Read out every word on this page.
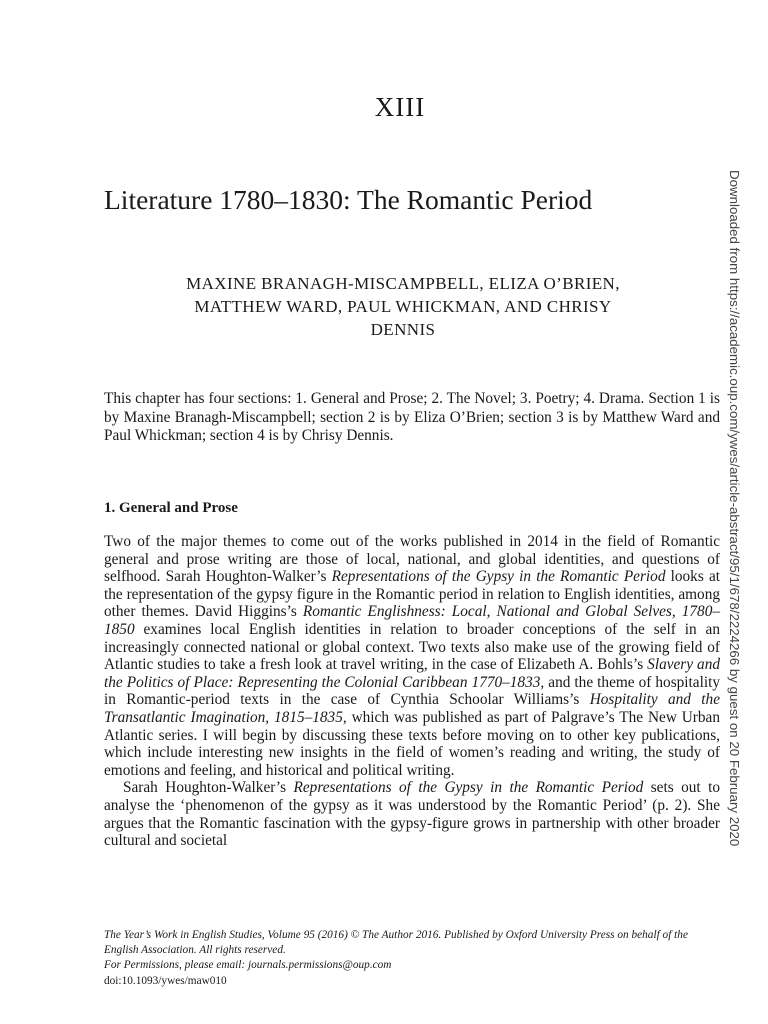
XIII
Literature 1780–1830: The Romantic Period
MAXINE BRANAGH-MISCAMPBELL, ELIZA O’BRIEN,
MATTHEW WARD, PAUL WHICKMAN, AND CHRISY
DENNIS
This chapter has four sections: 1. General and Prose; 2. The Novel; 3. Poetry; 4. Drama. Section 1 is by Maxine Branagh-Miscampbell; section 2 is by Eliza O’Brien; section 3 is by Matthew Ward and Paul Whickman; section 4 is by Chrisy Dennis.
1. General and Prose

Two of the major themes to come out of the works published in 2014 in the field of Romantic general and prose writing are those of local, national, and global identities, and questions of selfhood. Sarah Houghton-Walker’s Representations of the Gypsy in the Romantic Period looks at the representation of the gypsy figure in the Romantic period in relation to English identities, among other themes. David Higgins’s Romantic Englishness: Local, National and Global Selves, 1780–1850 examines local English identities in relation to broader conceptions of the self in an increasingly connected national or global context. Two texts also make use of the growing field of Atlantic studies to take a fresh look at travel writing, in the case of Elizabeth A. Bohls’s Slavery and the Politics of Place: Representing the Colonial Caribbean 1770–1833, and the theme of hospitality in Romantic-period texts in the case of Cynthia Schoolar Williams’s Hospitality and the Transatlantic Imagination, 1815–1835, which was published as part of Palgrave’s The New Urban Atlantic series. I will begin by discussing these texts before moving on to other key publications, which include interesting new insights in the field of women’s reading and writing, the study of emotions and feeling, and historical and political writing.

Sarah Houghton-Walker’s Representations of the Gypsy in the Romantic Period sets out to analyse the ‘phenomenon of the gypsy as it was understood by the Romantic Period’ (p. 2). She argues that the Romantic fascination with the gypsy-figure grows in partnership with other broader cultural and societal

The Year’s Work in English Studies, Volume 95 (2016) © The Author 2016. Published by Oxford University Press on behalf of the English Association. All rights reserved.
For Permissions, please email: journals.permissions@oup.com
doi:10.1093/ywes/maw010
Downloaded from https://academic.oup.com/ywes/article-abstract/95/1/678/2224266 by guest on 20 February 2020
